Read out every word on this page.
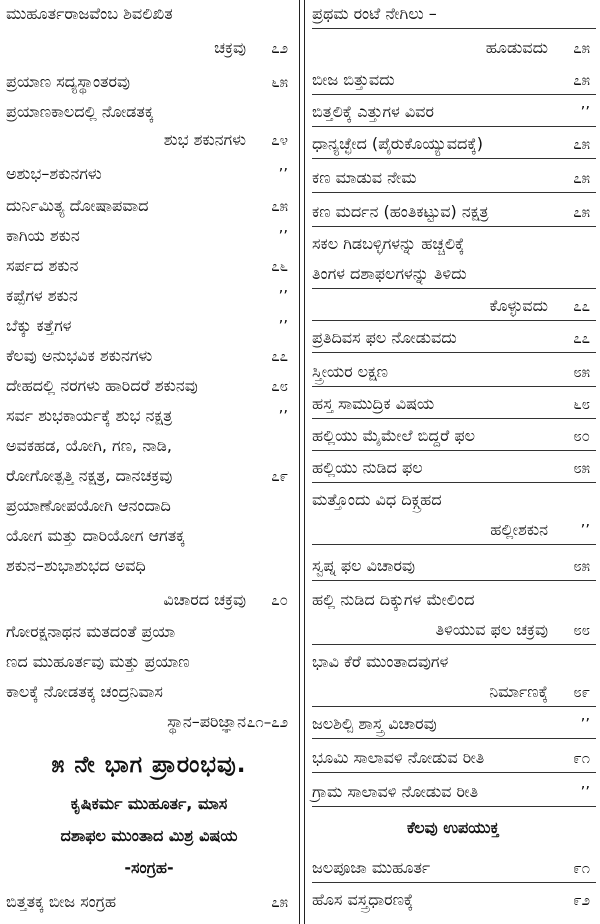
ಮುಹೂರ್ತರಾಜವೆಂಬ ಶಿವಲಿಖಿತ
ಚಕ್ರವು ೭೨
ಪ್ರಯಾಣ ಸದ್ಯಸ್ಥಾಂತರವು	೬೫
ಪ್ರಯಾಣಕಾಲದಲ್ಲಿ ನೋಡತಕ್ಕ
ಶುಭ ಶಕುನಗಳು ೭೪
ಅಶುಭ–ಶಕುನಗಳು	’’
ದುರ್ನಿಮಿತ್ಯ ದೋಷಾಪವಾದ	೭೫
ಕಾಗಿಯ ಶಕುನ	’’
ಸರ್ಪದ ಶಕುನ	೭೬
ಕಪ್ಪೆಗಳ ಶಕುನ	’’
ಬೆಕ್ಕು ಕತ್ತೆಗಳ	’’
ಕೆಲವು ಅನುಭವಿಕ ಶಕುನಗಳು	೭೭
ದೇಹದಲ್ಲಿ ನರಗಳು ಹಾರಿದರೆ ಶಕುನವು	೭೮
ಸರ್ವ ಶುಭಕಾರ್ಯಕ್ಕೆ ಶುಭ ನಕ್ಷತ್ರ	’’
ಅವಕಹಡ, ಯೋಗಿ, ಗಣ, ನಾಡಿ,
ರೋಗೋತ್ಪತ್ತಿ ನಕ್ಷತ್ರ, ದಾನಚಕ್ರವು	೭೯
ಪ್ರಯಾಣೋಪಯೋಗಿ ಆನಂದಾದಿ
ಯೋಗ ಮತ್ತು ದಾರಿಯೋಗ ಆಗತಕ್ಕ
ಶಕುನ–ಶುಭಾಶುಭದ ಅವಧಿ
ವಿಚಾರದ ಚಕ್ರವು ೭೦
ಗೋರಕ್ಷನಾಥನ ಮತದಂತೆ ಪ್ರಯಾ
ಣದ ಮುಹೂರ್ತವು ಮತ್ತು ಪ್ರಯಾಣ
ಕಾಲಕ್ಕೆ ನೋಡತಕ್ಕ ಚಂದ್ರನಿವಾಸ
ಸ್ಥಾನ–ಪರಿಜ್ಞಾನ ೭೧–೭೨
೫ ನೇ ಭಾಗ ಪ್ರಾರಂಭವು.
ಕೃಷಿಕರ್ಮ ಮುಹೂರ್ತ, ಮಾಸ
ದಶಾಫಲ ಮುಂತಾದ ಮಿಶ್ರ ವಿಷಯ
-ಸಂಗ್ರಹ-
ಬಿತ್ತತಕ್ಕ ಬೀಜ ಸಂಗ್ರಹ	೭೫
ಪ್ರಥಮ ರಂಟೆ ನೇಗಿಲು –
ಹೂಡುವದು ೭೫
ಬೀಜ ಬಿತ್ತುವದು	೭೫
ಬಿತ್ತಲಿಕ್ಕೆ ಎತ್ತುಗಳ ವಿವರ	’’
ಧಾನ್ಯಚ್ಛೇದ (ಪೈರುಕೊಯ್ಯುವದಕ್ಕೆ)	೭೫
ಕಣ ಮಾಡುವ ನೇಮ	೭೫
ಕಣ ಮರ್ದನ (ಹಂತಿಕಟ್ಟುವ) ನಕ್ಷತ್ರ	೭೫
ಸಕಲ ಗಿಡಬಳ್ಳಿಗಳನ್ನು ಹಚ್ಚಲಿಕ್ಕೆ
ತಿಂಗಳ ದಶಾಫಲಗಳನ್ನು ತಿಳಿದು
ಕೊಳ್ಳುವದು ೭೭
ಪ್ರತಿದಿವಸ ಫಲ ನೋಡುವದು	೭೭
ಸ್ತ್ರೀಯರ ಲಕ್ಷಣ	೮೫
ಹಸ್ತ ಸಾಮುದ್ರಿಕ ವಿಷಯ	೬೮
ಹಲ್ಲಿಯು ಮೈಮೇಲೆ ಬಿದ್ದರೆ ಫಲ	೮೦
ಹಲ್ಲಿಯು ನುಡಿದ ಫಲ	೮೫
ಮತ್ತೊಂದು ವಿಧ ದಿಕ್ಗ್ರಹದ
ಹಲ್ಲೀಶಕುನ ’’
ಸ್ವಪ್ನ ಫಲ ವಿಚಾರವು	೮೫
ಹಲ್ಲಿ ನುಡಿದ ದಿಕ್ಕುಗಳ ಮೇಲಿಂದ
ತಿಳಿಯುವ ಫಲ ಚಕ್ರವು ೮೮
ಭಾವಿ ಕೆರೆ ಮುಂತಾದವುಗಳ
ನಿರ್ಮಾಣಕ್ಕೆ ೮೯
ಜಲಶಿಲ್ಪಿ ಶಾಸ್ತ್ರ ವಿಚಾರವು	’’
ಭೂಮಿ ಸಾಲಾವಳಿ ನೋಡುವ ರೀತಿ	೯೧
ಗ್ರಾಮ ಸಾಲಾವಳಿ ನೋಡುವ ರೀತಿ	’’
ಕೆಲವು ಉಪಯುಕ್ತ
ಜಲಪೂಜಾ ಮುಹೂರ್ತ	೯೧
ಹೊಸ ವಸ್ತ್ರಧಾರಣಕ್ಕೆ	೯೨
